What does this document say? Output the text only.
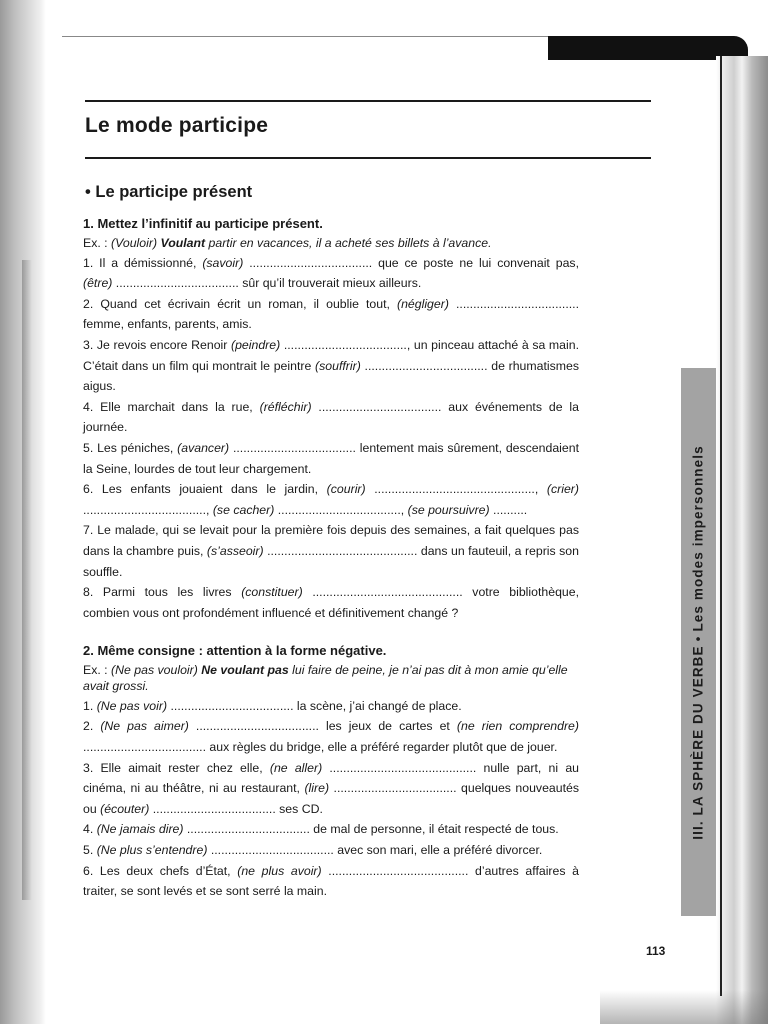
III. LA SPHÈRE DU VERBE•Les modes impersonnels
Le mode participe
• Le participe présent
1. Mettez l’infinitif au participe présent.
Ex. : (Vouloir) Voulant partir en vacances, il a acheté ses billets à l’avance.
1. Il a démissionné, (savoir) .................................... que ce poste ne lui convenait pas, (être) .................................... sûr qu’il trouverait mieux ailleurs.
2. Quand cet écrivain écrit un roman, il oublie tout, (négliger) .................................... femme, enfants, parents, amis.
3. Je revois encore Renoir (peindre) ...................................., un pinceau attaché à sa main. C’était dans un film qui montrait le peintre (souffrir) .................................... de rhumatismes aigus.
4. Elle marchait dans la rue, (réfléchir) .................................... aux événements de la journée.
5. Les péniches, (avancer) .................................... lentement mais sûrement, descendaient la Seine, lourdes de tout leur chargement.
6. Les enfants jouaient dans le jardin, (courir) ..............................................., (crier) ...................................., (se cacher) ...................................., (se poursuivre) ..........
7. Le malade, qui se levait pour la première fois depuis des semaines, a fait quelques pas dans la chambre puis, (s’asseoir) ............................................ dans un fauteuil, a repris son souffle.
8. Parmi tous les livres (constituer) ............................................ votre bibliothèque, combien vous ont profondément influencé et définitivement changé ?
2. Même consigne : attention à la forme négative.
Ex. : (Ne pas vouloir) Ne voulant pas lui faire de peine, je n’ai pas dit à mon amie qu’elle avait grossi.
1. (Ne pas voir) .................................... la scène, j’ai changé de place.
2. (Ne pas aimer) .................................... les jeux de cartes et (ne rien comprendre) .................................... aux règles du bridge, elle a préféré regarder plutôt que de jouer.
3. Elle aimait rester chez elle, (ne aller) ........................................... nulle part, ni au cinéma, ni au théâtre, ni au restaurant, (lire) .................................... quelques nouveautés ou (écouter) .................................... ses CD.
4. (Ne jamais dire) .................................... de mal de personne, il était respecté de tous.
5. (Ne plus s’entendre) .................................... avec son mari, elle a préféré divorcer.
6. Les deux chefs d’État, (ne plus avoir) ......................................... d’autres affaires à traiter, se sont levés et se sont serré la main.
113
